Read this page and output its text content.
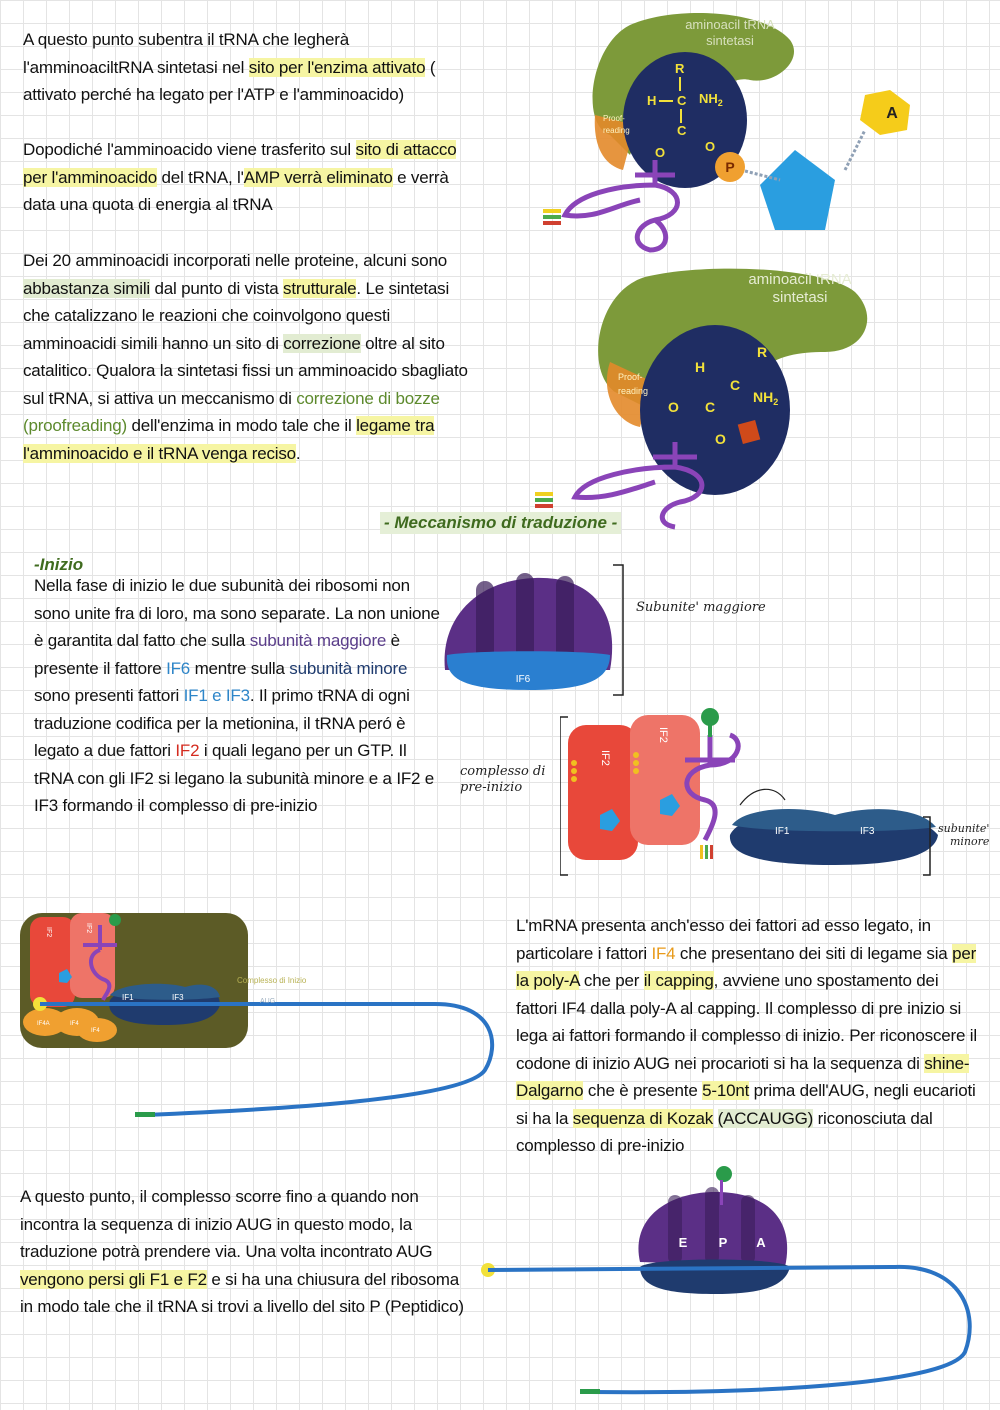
A questo punto subentra il tRNA che legherà l'amminoaciltRNA sintetasi nel sito per l'enzima attivato ( attivato perché ha legato per l'ATP e l'amminoacido)
Dopodiché l'amminoacido viene trasferito sul sito di attacco per l'amminoacido del tRNA, l'AMP verrà eliminato e verrà data una quota di energia al tRNA
Dei 20 amminoacidi incorporati nelle proteine, alcuni sono abbastanza simili dal punto di vista strutturale. Le sintetasi che catalizzano le reazioni che coinvolgono questi amminoacidi simili hanno un sito di correzione oltre al sito catalitico. Qualora la sintetasi fissi un amminoacido sbagliato sul tRNA, si attiva un meccanismo di correzione di bozze (proofreading) dell'enzima in modo tale che il legame tra l'amminoacido e il tRNA venga reciso.
- Meccanismo di traduzione -
-Inizio
Nella fase di inizio le due subunità dei ribosomi non sono unite fra di loro, ma sono separate. La non unione è garantita dal fatto che sulla subunità maggiore è presente il fattore IF6 mentre sulla subunità minore sono presenti fattori IF1 e IF3. Il primo tRNA di ogni traduzione codifica per la metionina, il tRNA peró è legato a due fattori IF2 i quali legano per un GTP. Il tRNA con gli IF2 si legano la subunità minore e a IF2 e IF3 formando il complesso di pre-inizio
L'mRNA presenta anch'esso dei fattori ad esso legato, in particolare i fattori IF4 che presentano dei siti di legame sia per la poly-A che per il capping, avviene uno spostamento dei fattori IF4 dalla poly-A al capping. Il complesso di pre inizio si lega ai fattori formando il complesso di inizio. Per riconoscere il codone di inizio AUG nei procarioti si ha la sequenza di shine-Dalgarno che è presente 5-10nt prima dell'AUG, negli eucarioti si ha la sequenza di Kozak (ACCAUGG) riconosciuta dal complesso di pre-inizio
A questo punto, il complesso scorre fino a quando non incontra la sequenza di inizio AUG in questo modo, la traduzione potrà prendere via. Una volta incontrato AUG vengono persi gli F1 e F2 e si ha una chiusura del ribosoma in modo tale che il tRNA si trovi a livello del sito P (Peptidico)
aminoacil tRNA
sintetasi
Proof-
reading
R
H C $NH_2$
C
O	O
P
A
aminoacil tRNA
sintetasi
Proof-
reading
R
H
C
$NH_2$
C
O
O
IF6
Subunite' maggiore
IF2
IF2
IF1	IF3
complesso di
pre-inizio
subunite'
minore
IF2	IF2
IF1	IF3
IF4A	IF4
IF4
Complesso di Inizio
AUG
E P A
